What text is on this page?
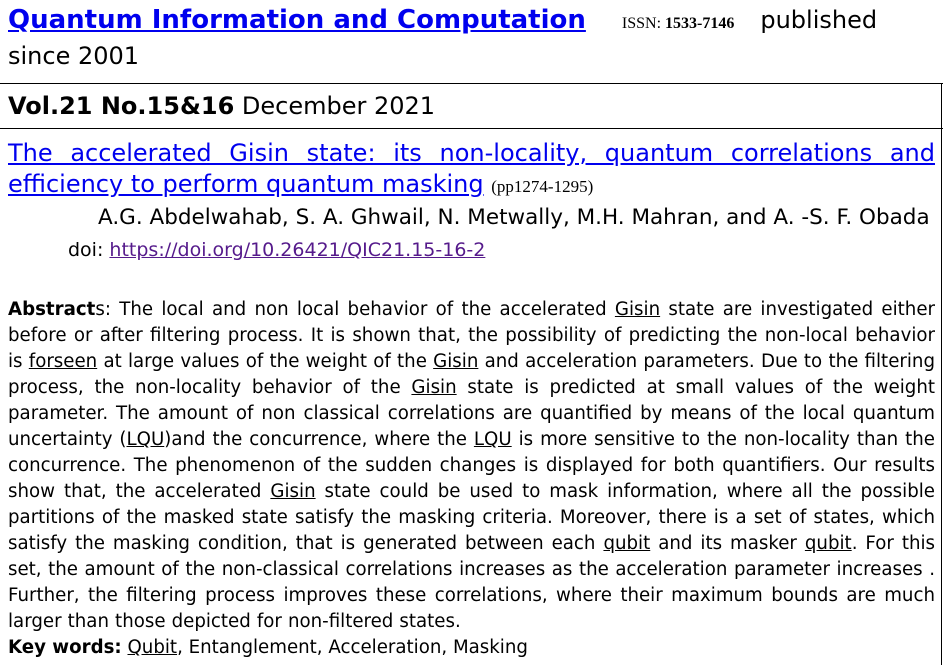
Quantum Information and Computation ISSN: 1533-7146 published since 2001
Vol.21 No.15&16 December 2021
The accelerated Gisin state: its non-locality, quantum correlations and efficiency to perform quantum masking (pp1274-1295)
A.G. Abdelwahab, S. A. Ghwail, N. Metwally, M.H. Mahran, and A. -S. F. Obada
doi: https://doi.org/10.26421/QIC21.15-16-2
Abstracts: The local and non local behavior of the accelerated Gisin state are investigated either before or after filtering process. It is shown that, the possibility of predicting the non-local behavior is forseen at large values of the weight of the Gisin and acceleration parameters. Due to the filtering process, the non-locality behavior of the Gisin state is predicted at small values of the weight parameter. The amount of non classical correlations are quantified by means of the local quantum uncertainty (LQU)and the concurrence, where the LQU is more sensitive to the non-locality than the concurrence. The phenomenon of the sudden changes is displayed for both quantifiers. Our results show that, the accelerated Gisin state could be used to mask information, where all the possible partitions of the masked state satisfy the masking criteria. Moreover, there is a set of states, which satisfy the masking condition, that is generated between each qubit and its masker qubit. For this set, the amount of the non-classical correlations increases as the acceleration parameter increases . Further, the filtering process improves these correlations, where their maximum bounds are much larger than those depicted for non-filtered states.
Key words: Qubit, Entanglement, Acceleration, Masking
